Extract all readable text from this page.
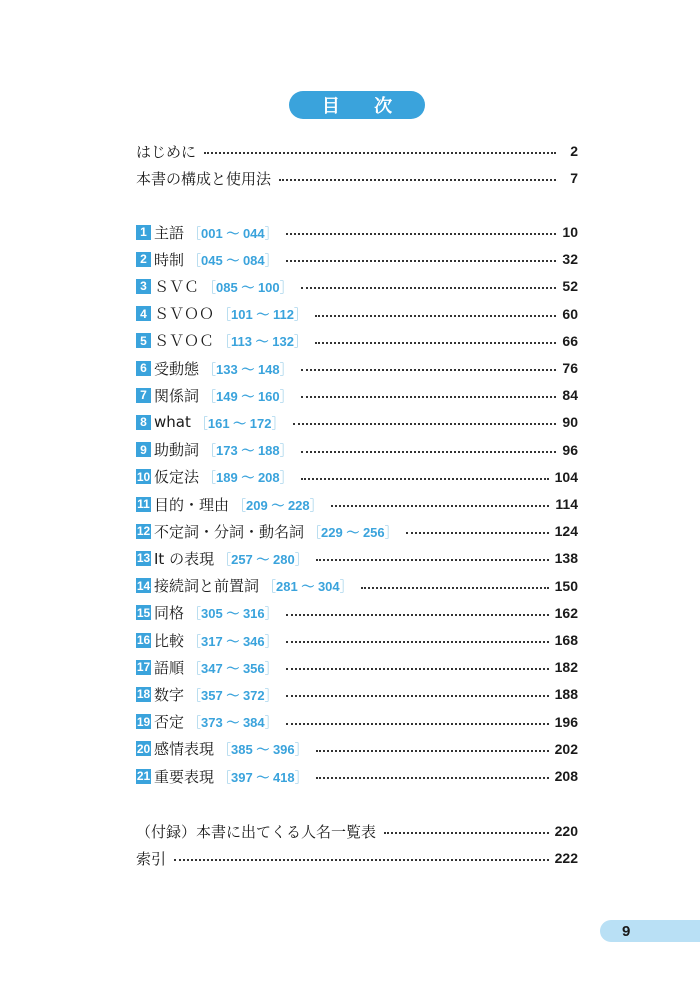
目 次
はじめに	2
本書の構成と使用法	7
1 主語 ［001 ～ 044］	10
2 時制 ［045 ～ 084］	32
3 ＳＶＣ ［085 ～ 100］	52
4 ＳＶＯＯ ［101 ～ 112］	60
5 ＳＶＯＣ ［113 ～ 132］	66
6 受動態 ［133 ～ 148］	76
7 関係詞 ［149 ～ 160］	84
8 what ［161 ～ 172］	90
9 助動詞 ［173 ～ 188］	96
10 仮定法 ［189 ～ 208］	104
11 目的・理由 ［209 ～ 228］	114
12 不定詞・分詞・動名詞 ［229 ～ 256］	124
13 It の表現 ［257 ～ 280］	138
14 接続詞と前置詞 ［281 ～ 304］	150
15 同格 ［305 ～ 316］	162
16 比較 ［317 ～ 346］	168
17 語順 ［347 ～ 356］	182
18 数字 ［357 ～ 372］	188
19 否定 ［373 ～ 384］	196
20 感情表現 ［385 ～ 396］	202
21 重要表現 ［397 ～ 418］	208
（付録）本書に出てくる人名一覧表	220
索引	222
9
